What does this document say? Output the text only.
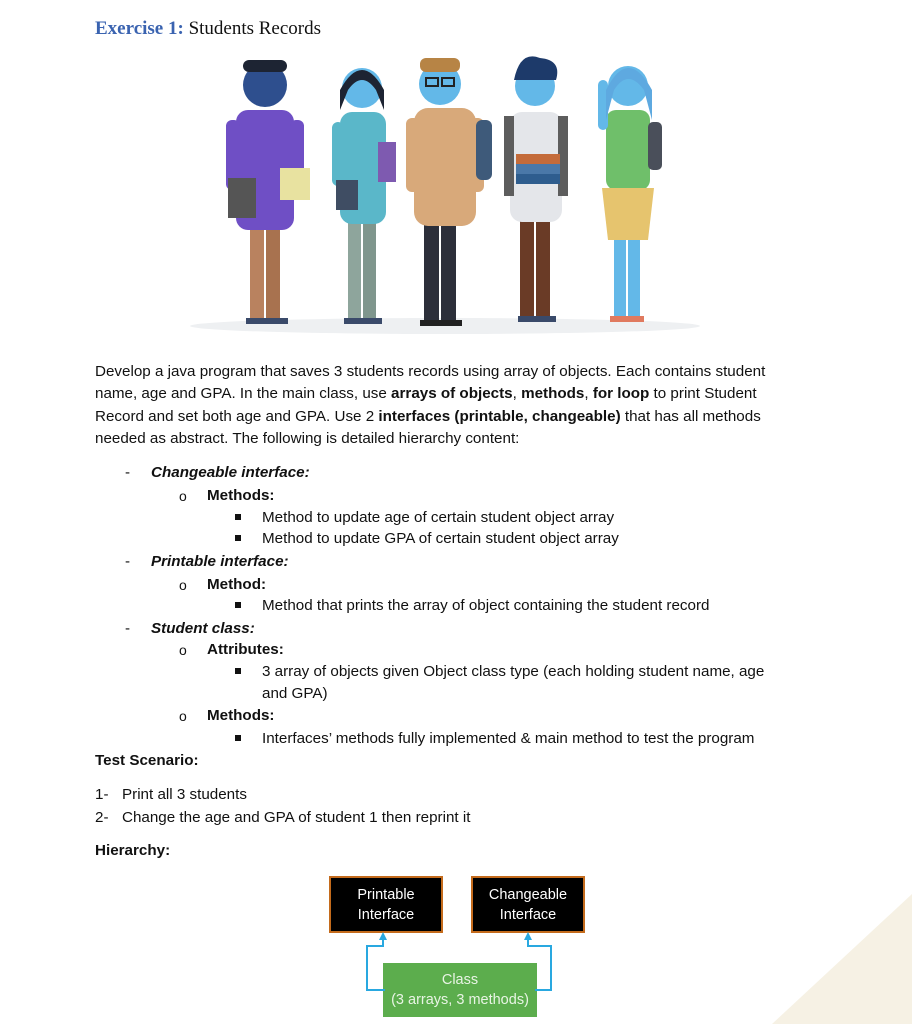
Exercise 1: Students Records
Develop a java program that saves 3 students records using array of objects. Each contains student name, age and GPA. In the main class, use arrays of objects, methods, for loop to print Student Record and set both age and GPA. Use 2 interfaces (printable, changeable) that has all methods needed as abstract. The following is detailed hierarchy content:
- Changeable interface:
o Methods:
Method to update age of certain student object array
Method to update GPA of certain student object array
- Printable interface:
o Method:
Method that prints the array of object containing the student record
- Student class:
o Attributes:
3 array of objects given Object class type (each holding student name, age
and GPA)
o Methods:
Interfaces’ methods fully implemented & main method to test the program
Test Scenario:
1- Print all 3 students
2- Change the age and GPA of student 1 then reprint it
Hierarchy:
Printable
Interface
Changeable
Interface
Class
(3 arrays, 3 methods)
